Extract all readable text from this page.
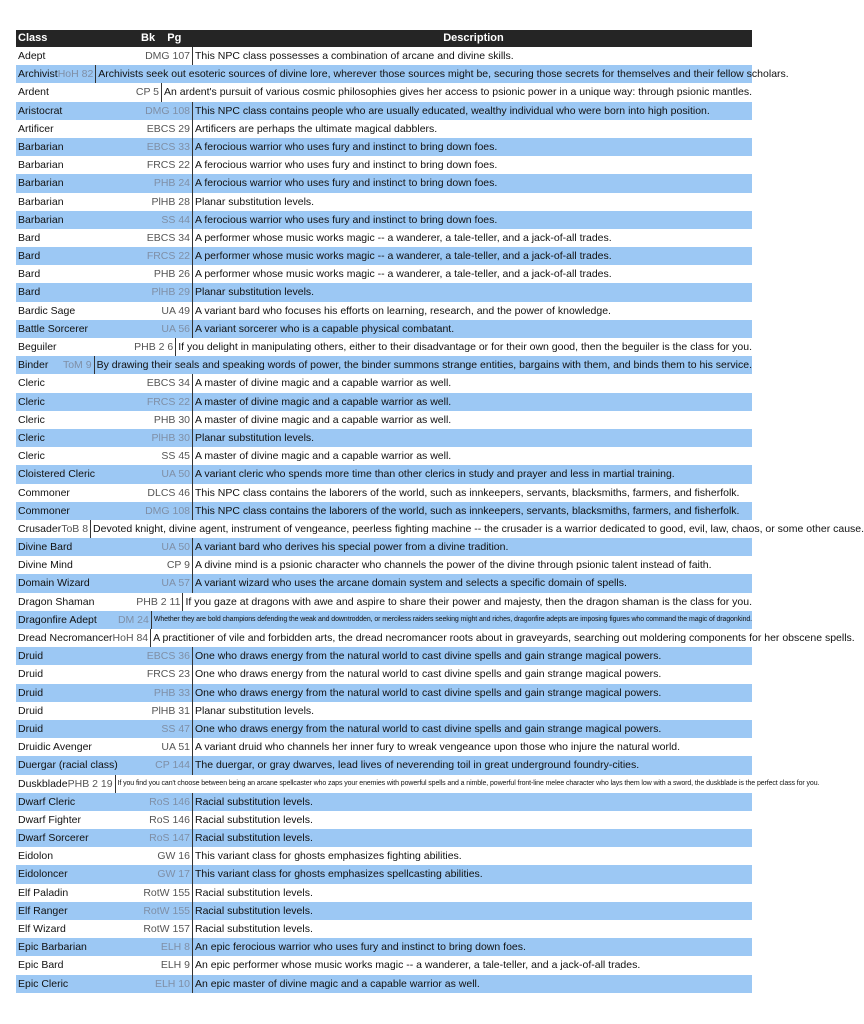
Class	Bk Pg	Description
Adept	DMG 107 This NPC class possesses a combination of arcane and divine skills.
Archivist HoH 82 Archivists seek out esoteric sources of divine lore, wherever those sources might be, securing those secrets for themselves and their fellow scholars.
Ardent	CP 5 An ardent's pursuit of various cosmic philosophies gives her access to psionic power in a unique way: through psionic mantles.
Aristocrat	DMG 108 This NPC class contains people who are usually educated, wealthy individual who were born into high position.
Artificer	EBCS 29 Artificers are perhaps the ultimate magical dabblers.
Barbarian	EBCS 33 A ferocious warrior who uses fury and instinct to bring down foes.
Barbarian	FRCS 22 A ferocious warrior who uses fury and instinct to bring down foes.
Barbarian	PHB 24 A ferocious warrior who uses fury and instinct to bring down foes.
Barbarian	PlHB 28 Planar substitution levels.
Barbarian	SS 44 A ferocious warrior who uses fury and instinct to bring down foes.
Bard	EBCS 34 A performer whose music works magic -- a wanderer, a tale-teller, and a jack-of-all trades.
Bard	FRCS 22 A performer whose music works magic -- a wanderer, a tale-teller, and a jack-of-all trades.
Bard	PHB 26 A performer whose music works magic -- a wanderer, a tale-teller, and a jack-of-all trades.
Bard	PlHB 29 Planar substitution levels.
Bardic Sage	UA 49 A variant bard who focuses his efforts on learning, research, and the power of knowledge.
Battle Sorcerer	UA 56 A variant sorcerer who is a capable physical combatant.
Beguiler	PHB 2 6 If you delight in manipulating others, either to their disadvantage or for their own good, then the beguiler is the class for you.
Binder	ToM 9 By drawing their seals and speaking words of power, the binder summons strange entities, bargains with them, and binds them to his service.
Cleric	EBCS 34 A master of divine magic and a capable warrior as well.
Cleric	FRCS 22 A master of divine magic and a capable warrior as well.
Cleric	PHB 30 A master of divine magic and a capable warrior as well.
Cleric	PlHB 30 Planar substitution levels.
Cleric	SS 45 A master of divine magic and a capable warrior as well.
Cloistered Cleric	UA 50 A variant cleric who spends more time than other clerics in study and prayer and less in martial training.
Commoner	DLCS 46 This NPC class contains the laborers of the world, such as innkeepers, servants, blacksmiths, farmers, and fisherfolk.
Commoner	DMG 108 This NPC class contains the laborers of the world, such as innkeepers, servants, blacksmiths, farmers, and fisherfolk.
Crusader ToB 8 Devoted knight, divine agent, instrument of vengeance, peerless fighting machine -- the crusader is a warrior dedicated to good, evil, law, chaos, or some other cause.
Divine Bard	UA 50 A variant bard who derives his special power from a divine tradition.
Divine Mind	CP 9 A divine mind is a psionic character who channels the power of the divine through psionic talent instead of faith.
Domain Wizard	UA 57 A variant wizard who uses the arcane domain system and selects a specific domain of spells.
Dragon Shaman	PHB 2 11 If you gaze at dragons with awe and aspire to share their power and majesty, then the dragon shaman is the class for you.
Dragonfire Adept	DM 24 Whether they are bold champions defending the weak and downtrodden, or merciless raiders seeking might and riches, dragonfire adepts are imposing figures who command the magic of dragonkind.
Dread Necromancer HoH 84 A practitioner of vile and forbidden arts, the dread necromancer roots about in graveyards, searching out moldering components for her obscene spells.
Druid	EBCS 36 One who draws energy from the natural world to cast divine spells and gain strange magical powers.
Druid	FRCS 23 One who draws energy from the natural world to cast divine spells and gain strange magical powers.
Druid	PHB 33 One who draws energy from the natural world to cast divine spells and gain strange magical powers.
Druid	PlHB 31 Planar substitution levels.
Druid	SS 47 One who draws energy from the natural world to cast divine spells and gain strange magical powers.
Druidic Avenger	UA 51 A variant druid who channels her inner fury to wreak vengeance upon those who injure the natural world.
Duergar (racial class)	CP 144 The duergar, or gray dwarves, lead lives of neverending toil in great underground foundry-cities.
Duskblade PHB 2 19 If you find you can't choose between being an arcane spellcaster who zaps your enemies with powerful spells and a nimble, powerful front-line melee character who lays them low with a sword, the duskblade is the perfect class for you.
Dwarf Cleric	RoS 146 Racial substitution levels.
Dwarf Fighter	RoS 146 Racial substitution levels.
Dwarf Sorcerer	RoS 147 Racial substitution levels.
Eidolon	GW 16 This variant class for ghosts emphasizes fighting abilities.
Eidoloncer	GW 17 This variant class for ghosts emphasizes spellcasting abilities.
Elf Paladin	RotW 155 Racial substitution levels.
Elf Ranger	RotW 155 Racial substitution levels.
Elf Wizard	RotW 157 Racial substitution levels.
Epic Barbarian	ELH 8 An epic ferocious warrior who uses fury and instinct to bring down foes.
Epic Bard	ELH 9 An epic performer whose music works magic -- a wanderer, a tale-teller, and a jack-of-all trades.
Epic Cleric	ELH 10 An epic master of divine magic and a capable warrior as well.
